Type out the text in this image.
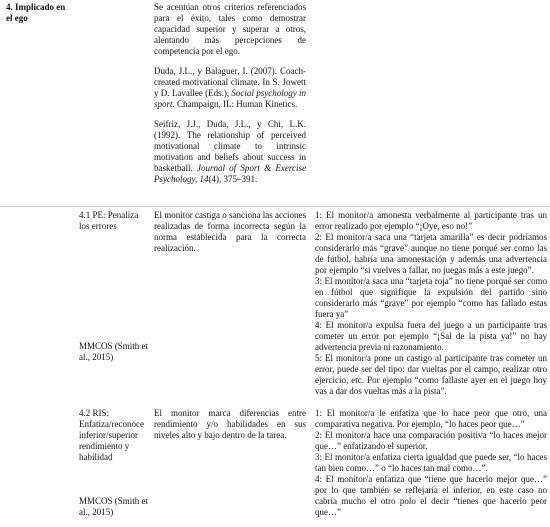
4. Implicado en el ego

Se acentúan otros criterios referenciados para el éxito, tales como demostrar capacidad superior y superar a otros, alentando más percepciones de competencia por el ego.

Duda, J.L., y Balaguer, I. (2007). Coach-created motivational climate. In S. Jowett y D. Lavallee (Eds.), Social psychology in sport. Champaign, IL: Human Kinetics.

Seifriz, J.J., Duda, J.L., y Chi, L.K. (1992). The relationship of perceived motivational climate to intrinsic motivation and beliefs about success in basketball. Journal of Sport & Exercise Psychology, 14(4), 375–391.

4.1 PE: Penaliza los errores
MMCOS (Smith et al., 2015)
El monitor castiga o sanciona las acciones realizadas de forma incorrecta según la norma establecida para la correcta realización.

1: El monitor/a amonesta verbalmente al participante tras un error realizado por ejemplo “¡Oye, eso no!”

2: El monitor/a saca una “tarjeta amarilla” es decir podríamos considerarlo más “grave” aunque no tiene porqué ser como las de fútbol, habría una amonestación y además una advertencia por ejemplo “si vuelves a fallar, no juegas más a este juego”.

3: El monitor/a saca una “tarjeta roja” no tiene porqué ser como en fútbol que signifique la expulsión del partido sino considerarlo más “grave” por ejemplo “como has fallado estas fuera ya”

4: El monitor/a expulsa fuera del juego a un participante tras cometer un error por ejemplo “¡Sal de la pista ya!” no hay advertencia previa ni razonamiento.

5: El monitor/a pone un castigo al participante tras cometer un error, puede ser del tipo: dar vueltas por el campo, realizar otro ejercicio, etc. Por ejemplo “como fallaste ayer en el juego hoy vas a dar dos vueltas más a la pista”.

4.2 RIS: Enfatiza/reconoce inferior/superior rendimiento y habilidad
MMCOS (Smith et al., 2015)
El monitor marca diferencias entre rendimiento y/o habilidades en sus niveles alto y bajo dentro de la tarea.

1: El monitor/a le enfatiza que lo hace peor que otro, una comparativa negativa. Por ejemplo, “lo haces peor que…”

2: El monitor/a hace una comparación positiva “lo haces mejor que…” enfatizando el superior.

3: El monitor/a enfatiza cierta igualdad que puede ser, “lo haces tan bien como…” o “lo haces tan mal como…”.

4: El monitor/a enfatiza que “tiene que hacerlo mejor que…” por lo que también se reflejaría el inferior, en este caso no cabría mucho el otro polo el decir “tienes que hacerlo peor que…”
